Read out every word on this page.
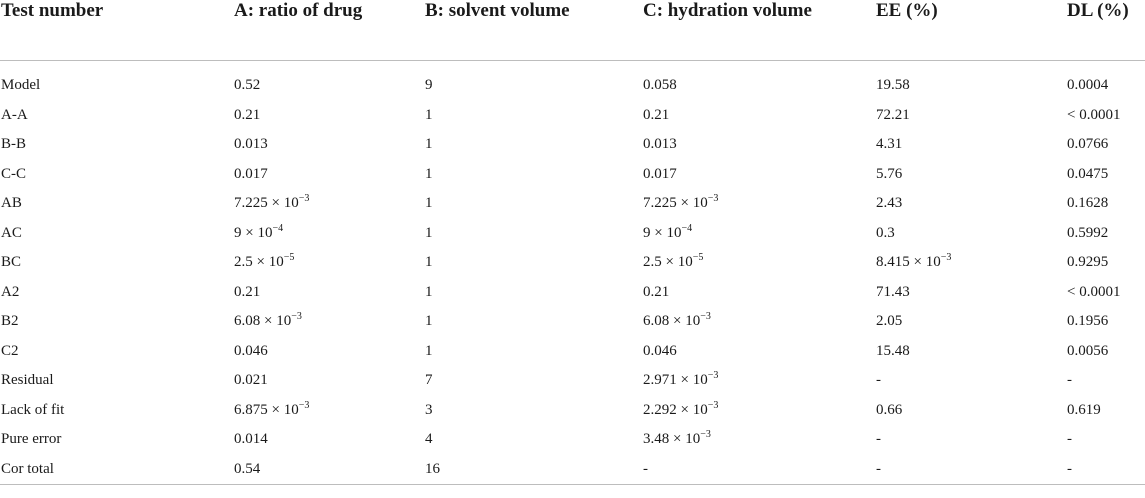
Test number	A: ratio of drug	B: solvent volume	C: hydration volume	EE (%)	DL (%)
Model	0.52	9	0.058	19.58	0.0004
A-A	0.21	1	0.21	72.21	< 0.0001
B-B	0.013	1	0.013	4.31	0.0766
C-C	0.017	1	0.017	5.76	0.0475
AB	$7.225 \times 10^{-3}$	1	$7.225 \times 10^{-3}$	2.43	0.1628
AC	$9 \times 10^{-4}$	1	$9 \times 10^{-4}$	0.3	0.5992
BC	$2.5 \times 10^{-5}$	1	$2.5 \times 10^{-5}$	$8.415 \times 10^{-3}$	0.9295
A2	0.21	1	0.21	71.43	< 0.0001
B2	$6.08 \times 10^{-3}$	1	$6.08 \times 10^{-3}$	2.05	0.1956
C2	0.046	1	0.046	15.48	0.0056
Residual	0.021	7	$2.971 \times 10^{-3}$	-	-
Lack of fit	$6.875 \times 10^{-3}$	3	$2.292 \times 10^{-3}$	0.66	0.619
Pure error	0.014	4	$3.48 \times 10^{-3}$	-	-
Cor total	0.54	16	-	-	-
